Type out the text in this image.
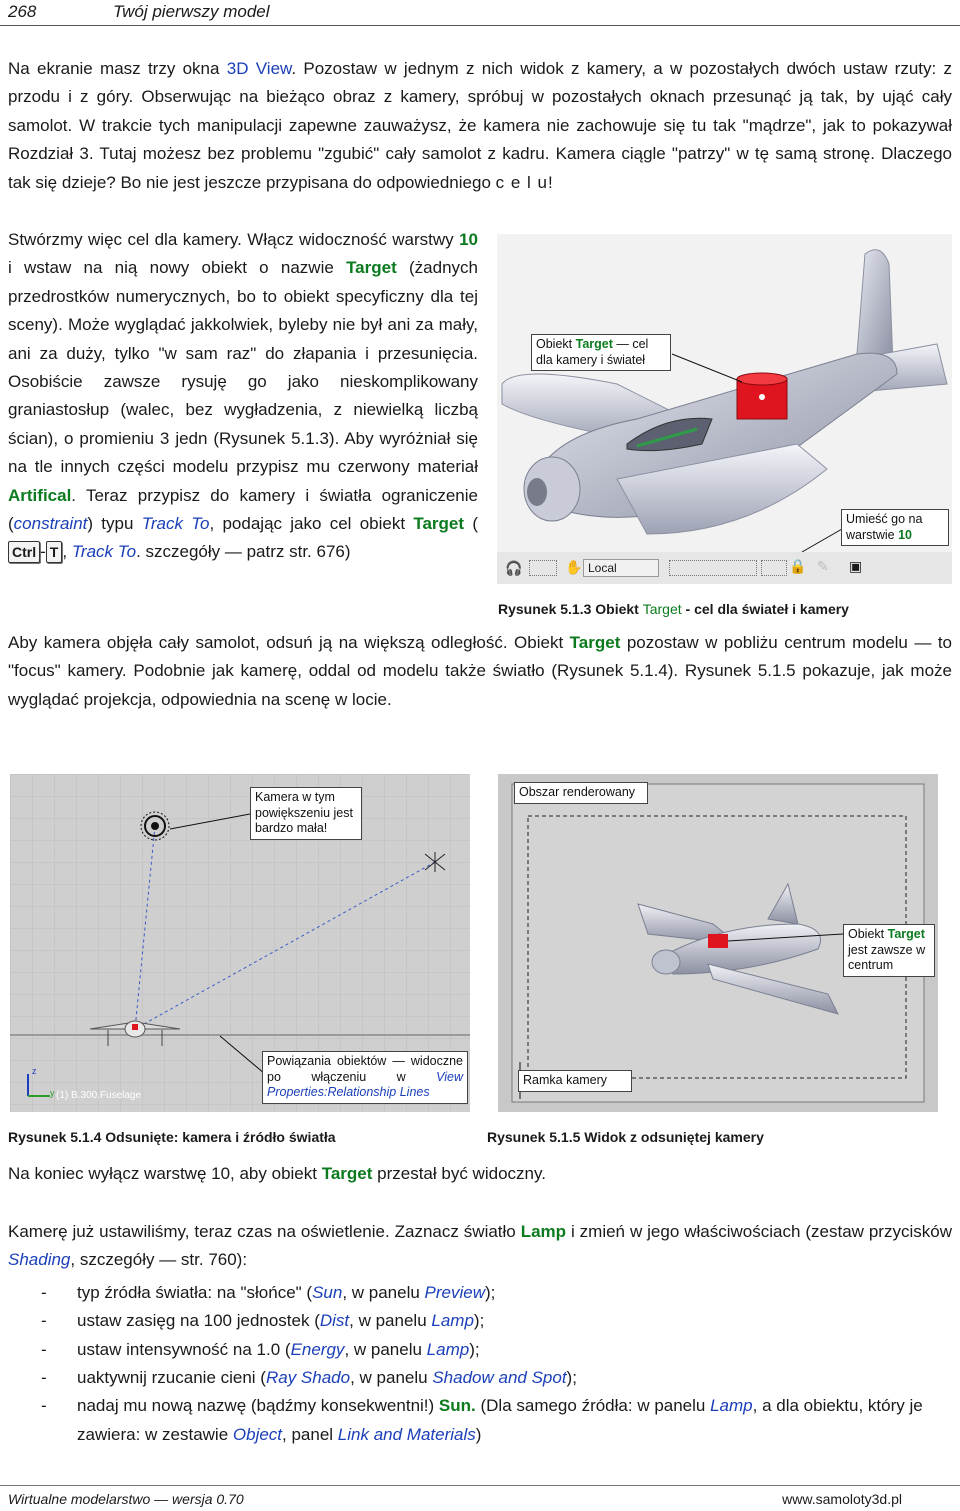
268	Twój pierwszy model
Na ekranie masz trzy okna 3D View. Pozostaw w jednym z nich widok z kamery, a w pozostałych dwóch ustaw rzuty: z przodu i z góry. Obserwując na bieżąco obraz z kamery, spróbuj w pozostałych oknach przesunąć ją tak, by ująć cały samolot. W trakcie tych manipulacji zapewne zauważysz, że kamera nie zachowuje się tu tak "mądrze", jak to pokazywał Rozdział 3. Tutaj możesz bez problemu "zgubić" cały samolot z kadru. Kamera ciągle "patrzy" w tę samą stronę. Dlaczego tak się dzieje? Bo nie jest jeszcze przypisana do odpowiedniego c e l u!
Stwórzmy więc cel dla kamery. Włącz widoczność warstwy 10 i wstaw na nią nowy obiekt o nazwie Target (żadnych przedrostków numerycznych, bo to obiekt specyficzny dla tej sceny). Może wyglądać jakkolwiek, byleby nie był ani za mały, ani za duży, tylko "w sam raz" do złapania i przesunięcia. Osobiście zawsze rysuję go jako nieskomplikowany graniastosłup (walec, bez wygładzenia, z niewielką liczbą ścian), o promieniu 3 jedn (Rysunek 5.1.3). Aby wyróżniał się na tle innych części modelu przypisz mu czerwony materiał Artifical. Teraz przypisz do kamery i światła ograniczenie (constraint) typu Track To, podając jako cel obiekt Target (Ctrl - T , Track To. szczegóły — patrz str. 676)
Obiekt Target — cel dla kamery i świateł
Umieść go na warstwie 10
🎧	✋ Local	🔒 ✎ ▣
Rysunek 5.1.3 Obiekt Target - cel dla świateł i kamery
Aby kamera objęła cały samolot, odsuń ją na większą odległość. Obiekt Target pozostaw w pobliżu centrum modelu — to "focus" kamery. Podobnie jak kamerę, oddal od modelu także światło (Rysunek 5.1.4). Rysunek 5.1.5 pokazuje, jak może wyglądać projekcja, odpowiednia na scenę w locie.
Kamera w tym powiększeniu jest bardzo mała!
Powiązania obiektów — widoczne po włączeniu w View Properties:Relationship Lines
z
y (1) B.300.Fuselage
Rysunek 5.1.4 Odsunięte: kamera i źródło światła
Obszar renderowany
Obiekt Target jest zawsze w centrum
Ramka kamery
Rysunek 5.1.5 Widok z odsuniętej kamery
Na koniec wyłącz warstwę 10, aby obiekt Target przestał być widoczny.
Kamerę już ustawiliśmy, teraz czas na oświetlenie. Zaznacz światło Lamp i zmień w jego właściwościach (zestaw przycisków Shading, szczegóły — str. 760):
- typ źródła światła: na "słońce" (Sun, w panelu Preview);
- ustaw zasięg na 100 jednostek (Dist, w panelu Lamp);
- ustaw intensywność na 1.0 (Energy, w panelu Lamp);
- uaktywnij rzucanie cieni (Ray Shado, w panelu Shadow and Spot);
- nadaj mu nową nazwę (bądźmy konsekwentni!) Sun. (Dla samego źródła: w panelu Lamp, a dla obiektu, który je zawiera: w zestawie Object, panel Link and Materials)
Wirtualne modelarstwo — wersja 0.70	www.samoloty3d.pl
